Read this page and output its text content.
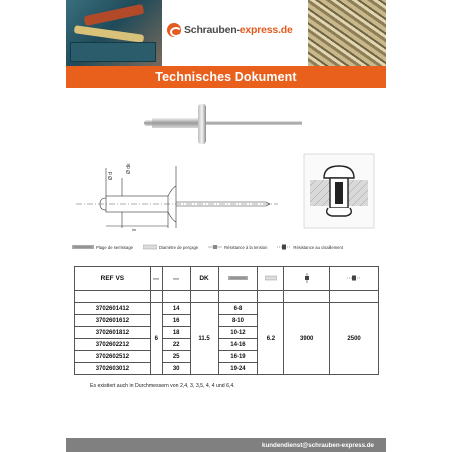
Schrauben-express.de
Technisches Dokument
Ø d
Ø dk
lm
Plage de serrissage	Diamètre de perçage	Résistance à la tension	Résistance au cisaillement
REF VS	mm	mm	DK				

3702601412	6	14	11.5	6-8	6.2	3900	2500
3702601612		16		8-10			
3702601812		18		10-12			
3702602212		22		14-16			
3702602512		25		16-19			
3702603012		30		19-24			
Es existiert auch in Durchmessern von 2,4, 3, 3,5, 4, 4 und 6,4.
kundendienst@schrauben-express.de
